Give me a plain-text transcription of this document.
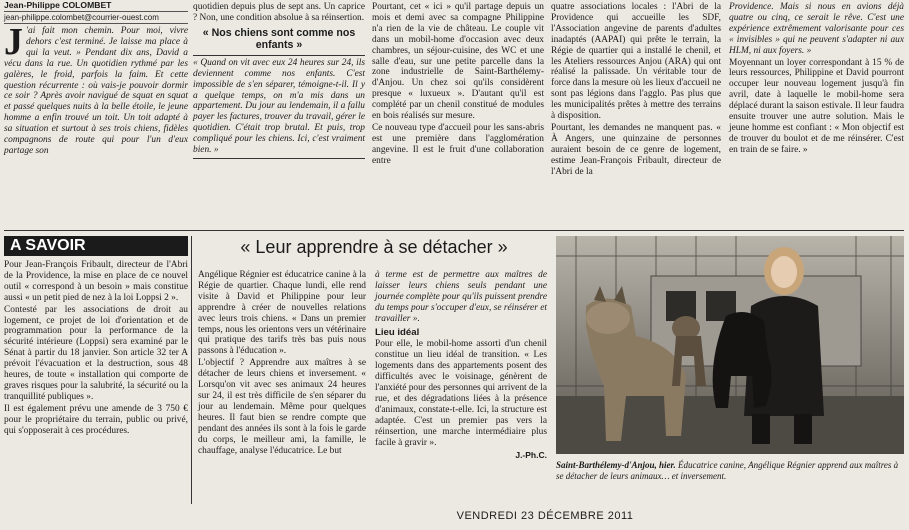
Jean-Philippe COLOMBET
jean-philippe.colombet@courrier-ouest.com

J 'ai fait mon chemin. Pour moi, vivre dehors c'est terminé. Je laisse ma place à qui la veut. » Pendant dix ans, David a vécu dans la rue. Un quotidien rythmé par les galères, le froid, parfois la faim. Et cette question récurrente : où vais-je pouvoir dormir ce soir ? Après avoir navigué de squat en squat et passé quelques nuits à la belle étoile, le jeune homme a enfin trouvé un toit. Un toit adapté à sa situation et surtout à ses trois chiens, fidèles compagnons de route qui pour l'un d'eux partage son

quotidien depuis plus de sept ans. Un caprice ? Non, une condition absolue à sa réinsertion.

« Nos chiens sont comme nos enfants »

« Quand on vit avec eux 24 heures sur 24, ils deviennent comme nos enfants. C'est impossible de s'en séparer, témoigne-t-il. Il y a quelque temps, on m'a mis dans un appartement. Du jour au lendemain, il a fallu payer les factures, trouver du travail, gérer le quotidien. C'était trop brutal. Et puis, trop compliqué pour les chiens. Ici, c'est vraiment bien. »

Pourtant, cet « ici » qu'il partage depuis un mois et demi avec sa compagne Philippine n'a rien de la vie de château. Le couple vit dans un mobil-home d'occasion avec deux chambres, un séjour-cuisine, des WC et une salle d'eau, sur une petite parcelle dans la zone industrielle de Saint-Barthélemy-d'Anjou. Un chez soi qu'ils considèrent presque « luxueux ». D'autant qu'il est complété par un chenil constitué de modules en bois réalisés sur mesure.

Ce nouveau type d'accueil pour les sans-abris est une première dans l'agglomération angevine. Il est le fruit d'une collaboration entre

quatre associations locales : l'Abri de la Providence qui accueille les SDF, l'Association angevine de parents d'adultes inadaptés (AAPAI) qui prête le terrain, la Régie de quartier qui a installé le chenil, et les Ateliers ressources Anjou (ARA) qui ont réalisé la palissade. Un véritable tour de force dans la mesure où les lieux d'accueil ne sont pas légions dans l'agglo. Pas plus que les municipalités prêtes à mettre des terrains à disposition.

Pourtant, les demandes ne manquent pas. « À Angers, une quinzaine de personnes auraient besoin de ce genre de logement, estime Jean-François Fribault, directeur de l'Abri de la

Providence. Mais si nous en avions déjà quatre ou cinq, ce serait le rêve. C'est une expérience extrêmement valorisante pour ces « invisibles » qui ne peuvent s'adapter ni aux HLM, ni aux foyers. »

Moyennant un loyer correspondant à 15 % de leurs ressources, Philippine et David pourront occuper leur nouveau logement jusqu'à fin avril, date à laquelle le mobil-home sera déplacé durant la saison estivale. Il leur faudra ensuite trouver une autre solution. Mais le jeune homme est confiant : « Mon objectif est de trouver du boulot et de me réinsérer. C'est en train de se faire. »

A SAVOIR

Pour Jean-François Fribault, directeur de l'Abri de la Providence, la mise en place de ce nouvel outil « correspond à un besoin » mais constitue aussi « un petit pied de nez à la loi Loppsi 2 ».

Contesté par les associations de droit au logement, ce projet de loi d'orientation et de programmation pour la performance de la sécurité intérieure (Loppsi) sera examiné par le Sénat à partir du 18 janvier. Son article 32 ter A prévoit l'évacuation et la destruction, sous 48 heures, de toute « installation qui comporte de graves risques pour la salubrité, la sécurité ou la tranquillité publiques ».

Il est également prévu une amende de 3 750 € pour le propriétaire du terrain, public ou privé, qui s'opposerait à ces procédures.

« Leur apprendre à se détacher »

Angélique Régnier est éducatrice canine à la Régie de quartier. Chaque lundi, elle rend visite à David et Philippine pour leur apprendre à créer de nouvelles relations avec leurs trois chiens. « Dans un premier temps, nous les orientons vers un vétérinaire qui pratique des tarifs très bas puis nous passons à l'éducation ».

L'objectif ? Apprendre aux maîtres à se détacher de leurs chiens et inversement. « Lorsqu'on vit avec ses animaux 24 heures sur 24, il est très difficile de s'en séparer du jour au lendemain. Même pour quelques heures. Il faut bien se rendre compte que pendant des années ils sont à la fois le garde du corps, le meilleur ami, la famille, le chauffage, analyse l'éducatrice. Le but

à terme est de permettre aux maîtres de laisser leurs chiens seuls pendant une journée complète pour qu'ils puissent prendre du temps pour s'occuper d'eux, se réinsérer et travailler ».

Lieu idéal

Pour elle, le mobil-home assorti d'un chenil constitue un lieu idéal de transition. « Les logements dans des appartements posent des difficultés avec le voisinage, génèrent de l'anxiété pour des personnes qui arrivent de la rue, et des dégradations liées à la présence d'animaux, constate-t-elle. Ici, la structure est adaptée. C'est un premier pas vers la réinsertion, une marche intermédiaire plus facile à gravir ».

J.-Ph.C.
Saint-Barthélemy-d'Anjou, hier. Éducatrice canine, Angélique Régnier apprend aux maîtres à se détacher de leurs animaux… et inversement.
VENDREDI 23 DÉCEMBRE 2011
